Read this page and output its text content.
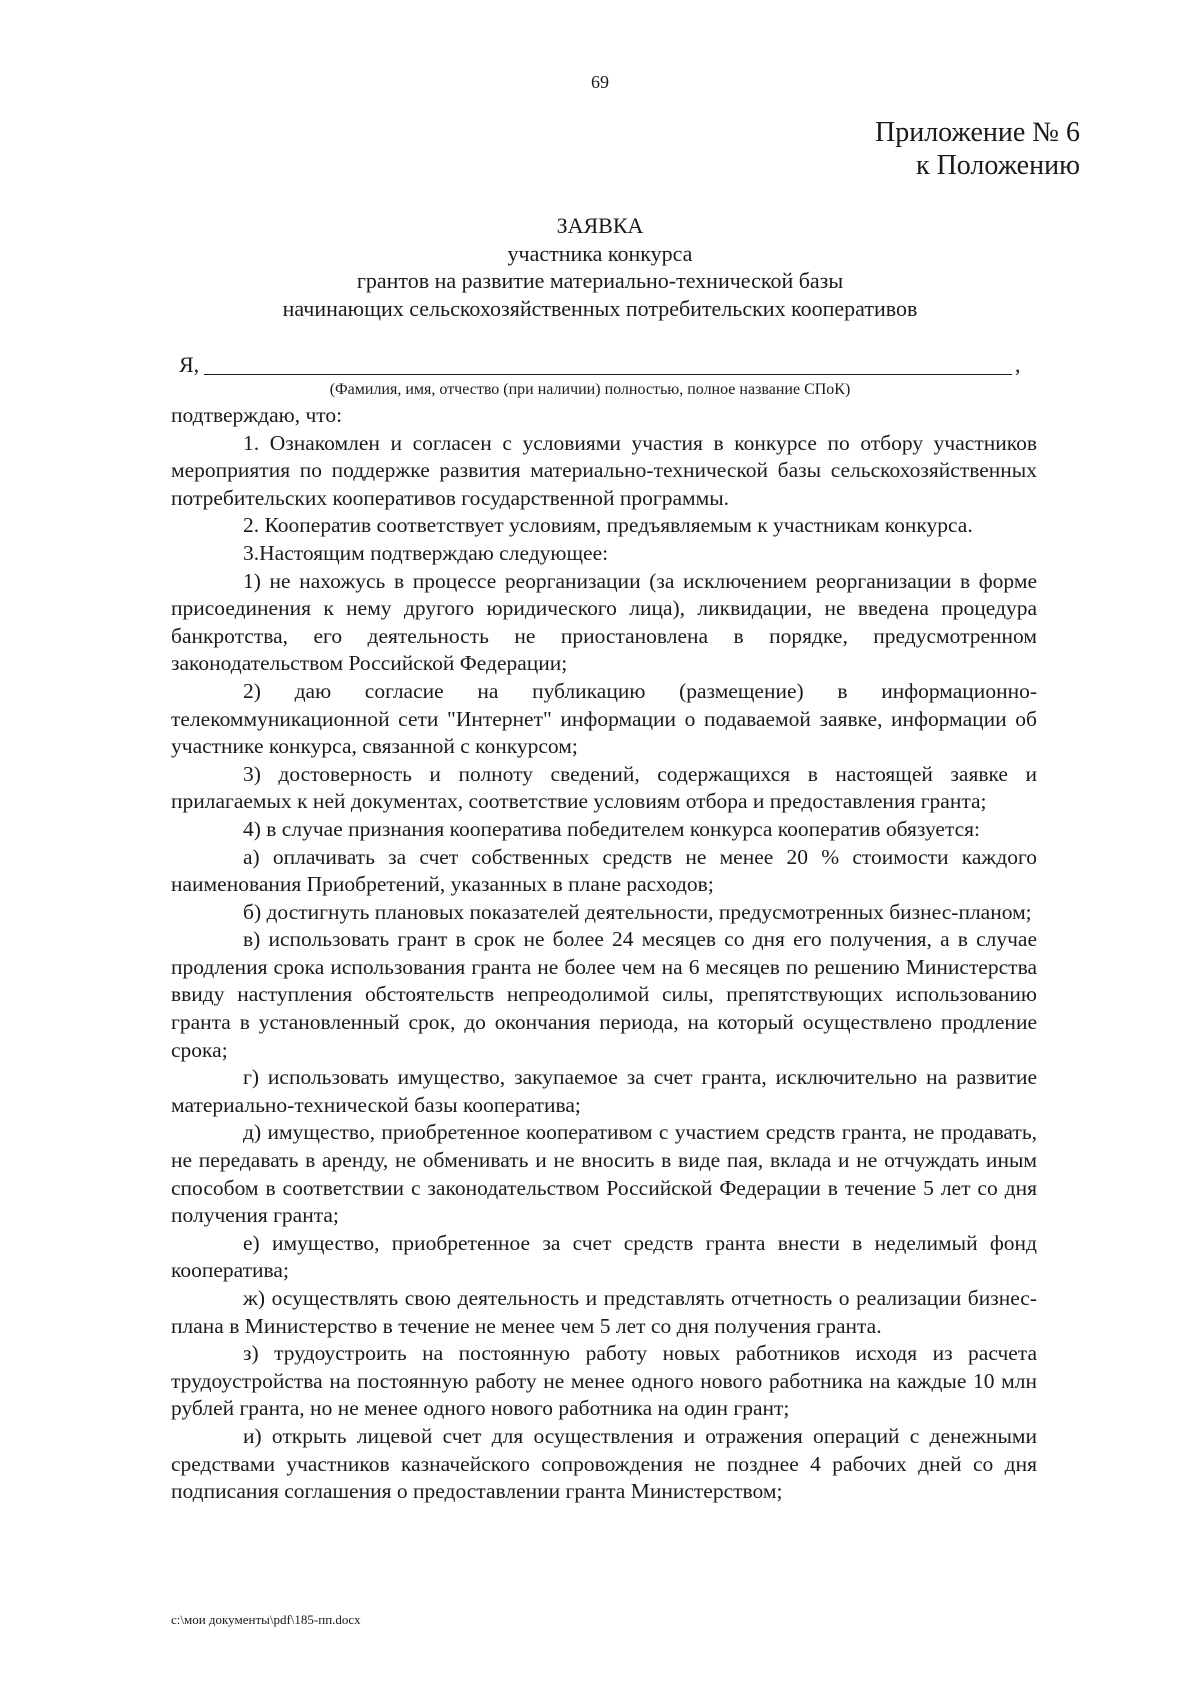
69
Приложение № 6
к Положению
ЗАЯВКА
участника конкурса
грантов на развитие материально-технической базы
начинающих сельскохозяйственных потребительских кооперативов
Я,	,
(Фамилия, имя, отчество (при наличии) полностью, полное название СПоК)

подтверждаю, что:

1. Ознакомлен и согласен с условиями участия в конкурсе по отбору участников мероприятия по поддержке развития материально-технической базы сельскохозяйственных потребительских кооперативов государственной программы.

2. Кооператив соответствует условиям, предъявляемым к участникам конкурса.

3.Настоящим подтверждаю следующее:

1) не нахожусь в процессе реорганизации (за исключением реорганизации в форме присоединения к нему другого юридического лица), ликвидации, не введена процедура банкротства, его деятельность не приостановлена в порядке, предусмотренном законодательством Российской Федерации;

2) даю согласие на публикацию (размещение) в информационно-телекоммуникационной сети "Интернет" информации о подаваемой заявке, информации об участнике конкурса, связанной с конкурсом;

3) достоверность и полноту сведений, содержащихся в настоящей заявке и прилагаемых к ней документах, соответствие условиям отбора и предоставления гранта;

4) в случае признания кооператива победителем конкурса кооператив обязуется:

а) оплачивать за счет собственных средств не менее 20 % стоимости каждого наименования Приобретений, указанных в плане расходов;

б) достигнуть плановых показателей деятельности, предусмотренных бизнес-планом;

в) использовать грант в срок не более 24 месяцев со дня его получения, а в случае продления срока использования гранта не более чем на 6 месяцев по решению Министерства ввиду наступления обстоятельств непреодолимой силы, препятствующих использованию гранта в установленный срок, до окончания периода, на который осуществлено продление срока;

г) использовать имущество, закупаемое за счет гранта, исключительно на развитие материально-технической базы кооператива;

д) имущество, приобретенное кооперативом с участием средств гранта, не продавать, не передавать в аренду, не обменивать и не вносить в виде пая, вклада и не отчуждать иным способом в соответствии с законодательством Российской Федерации в течение 5 лет со дня получения гранта;

е) имущество, приобретенное за счет средств гранта внести в неделимый фонд кооператива;

ж) осуществлять свою деятельность и представлять отчетность о реализации бизнес-плана в Министерство в течение не менее чем 5 лет со дня получения гранта.

з) трудоустроить на постоянную работу новых работников исходя из расчета трудоустройства на постоянную работу не менее одного нового работника на каждые 10 млн рублей гранта, но не менее одного нового работника на один грант;

и) открыть лицевой счет для осуществления и отражения операций с денежными средствами участников казначейского сопровождения не позднее 4 рабочих дней со дня подписания соглашения о предоставлении гранта Министерством;

c:\мои документы\pdf\185-пп.docx
